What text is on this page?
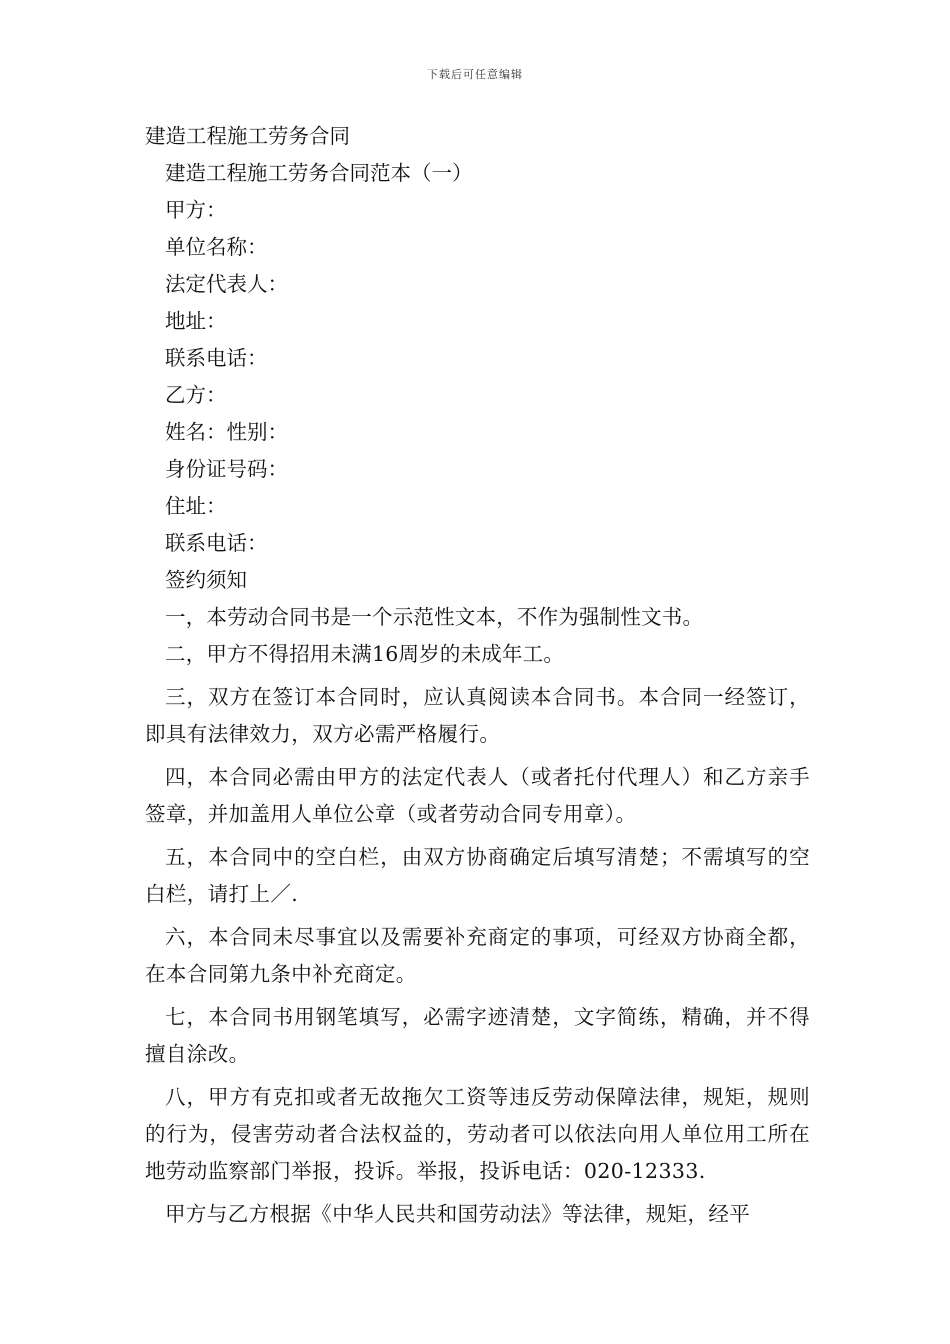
下载后可任意编辑
建造工程施工劳务合同
建造工程施工劳务合同范本（一）
甲方：
单位名称：
法定代表人：
地址：
联系电话：
乙方：
姓名：性别：
身份证号码：
住址：
联系电话：
签约须知
一，本劳动合同书是一个示范性文本，不作为强制性文书。
二，甲方不得招用未满16周岁的未成年工。
三，双方在签订本合同时，应认真阅读本合同书。本合同一经签订，即具有法律效力，双方必需严格履行。
四，本合同必需由甲方的法定代表人（或者托付代理人）和乙方亲手签章，并加盖用人单位公章（或者劳动合同专用章）。
五，本合同中的空白栏，由双方协商确定后填写清楚；不需填写的空白栏，请打上／.
六，本合同未尽事宜以及需要补充商定的事项，可经双方协商全都，在本合同第九条中补充商定。
七，本合同书用钢笔填写，必需字迹清楚，文字简练，精确，并不得擅自涂改。
八，甲方有克扣或者无故拖欠工资等违反劳动保障法律，规矩，规则的行为，侵害劳动者合法权益的，劳动者可以依法向用人单位用工所在地劳动监察部门举报，投诉。举报，投诉电话：020-12333.
甲方与乙方根据《中华人民共和国劳动法》等法律，规矩，经平
